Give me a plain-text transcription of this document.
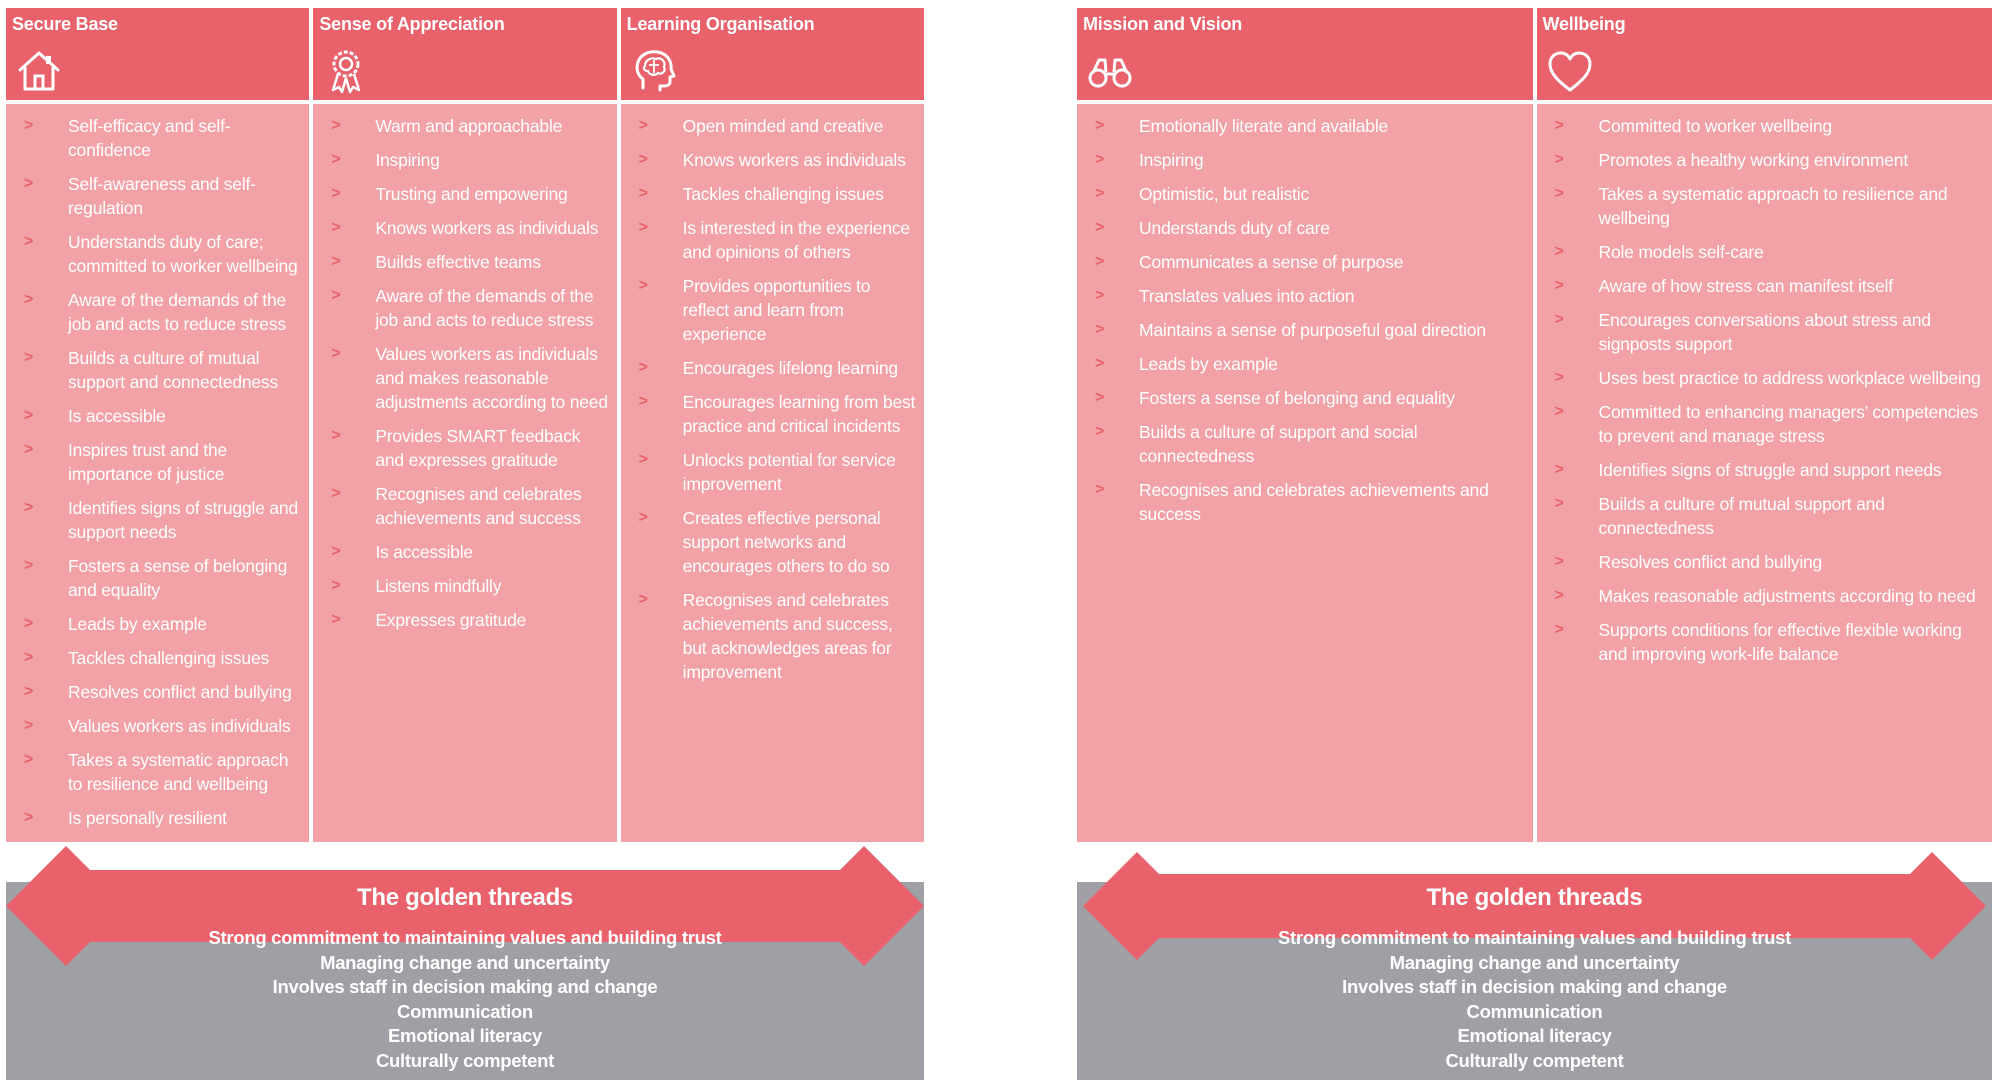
Secure Base
> Self-efficacy and self-confidence
> Self-awareness and self-regulation
> Understands duty of care; committed to worker wellbeing
> Aware of the demands of the job and acts to reduce stress
> Builds a culture of mutual support and connectedness
> Is accessible
> Inspires trust and the importance of justice
> Identifies signs of struggle and support needs
> Fosters a sense of belonging and equality
> Leads by example
> Tackles challenging issues
> Resolves conflict and bullying
> Values workers as individuals
> Takes a systematic approach to resilience and wellbeing
> Is personally resilient
Sense of Appreciation
> Warm and approachable
> Inspiring
> Trusting and empowering
> Knows workers as individuals
> Builds effective teams
> Aware of the demands of the job and acts to reduce stress
> Values workers as individuals and makes reasonable adjustments according to need
> Provides SMART feedback and expresses gratitude
> Recognises and celebrates achievements and success
> Is accessible
> Listens mindfully
> Expresses gratitude
Learning Organisation
> Open minded and creative
> Knows workers as individuals
> Tackles challenging issues
> Is interested in the experience and opinions of others
> Provides opportunities to reflect and learn from experience
> Encourages lifelong learning
> Encourages learning from best practice and critical incidents
> Unlocks potential for service improvement
> Creates effective personal support networks and encourages others to do so
> Recognises and celebrates achievements and success, but acknowledges areas for improvement
The golden threads
Strong commitment to maintaining values and building trust
Managing change and uncertainty
Involves staff in decision making and change
Communication
Emotional literacy
Culturally competent
Mission and Vision
> Emotionally literate and available
> Inspiring
> Optimistic, but realistic
> Understands duty of care
> Communicates a sense of purpose
> Translates values into action
> Maintains a sense of purposeful goal direction
> Leads by example
> Fosters a sense of belonging and equality
> Builds a culture of support and social connectedness
> Recognises and celebrates achievements and success
Wellbeing
> Committed to worker wellbeing
> Promotes a healthy working environment
> Takes a systematic approach to resilience and wellbeing
> Role models self-care
> Aware of how stress can manifest itself
> Encourages conversations about stress and signposts support
> Uses best practice to address workplace wellbeing
> Committed to enhancing managers’ competencies to prevent and manage stress
> Identifies signs of struggle and support needs
> Builds a culture of mutual support and connectedness
> Resolves conflict and bullying
> Makes reasonable adjustments according to need
> Supports conditions for effective flexible working and improving work-life balance
The golden threads
Strong commitment to maintaining values and building trust
Managing change and uncertainty
Involves staff in decision making and change
Communication
Emotional literacy
Culturally competent
